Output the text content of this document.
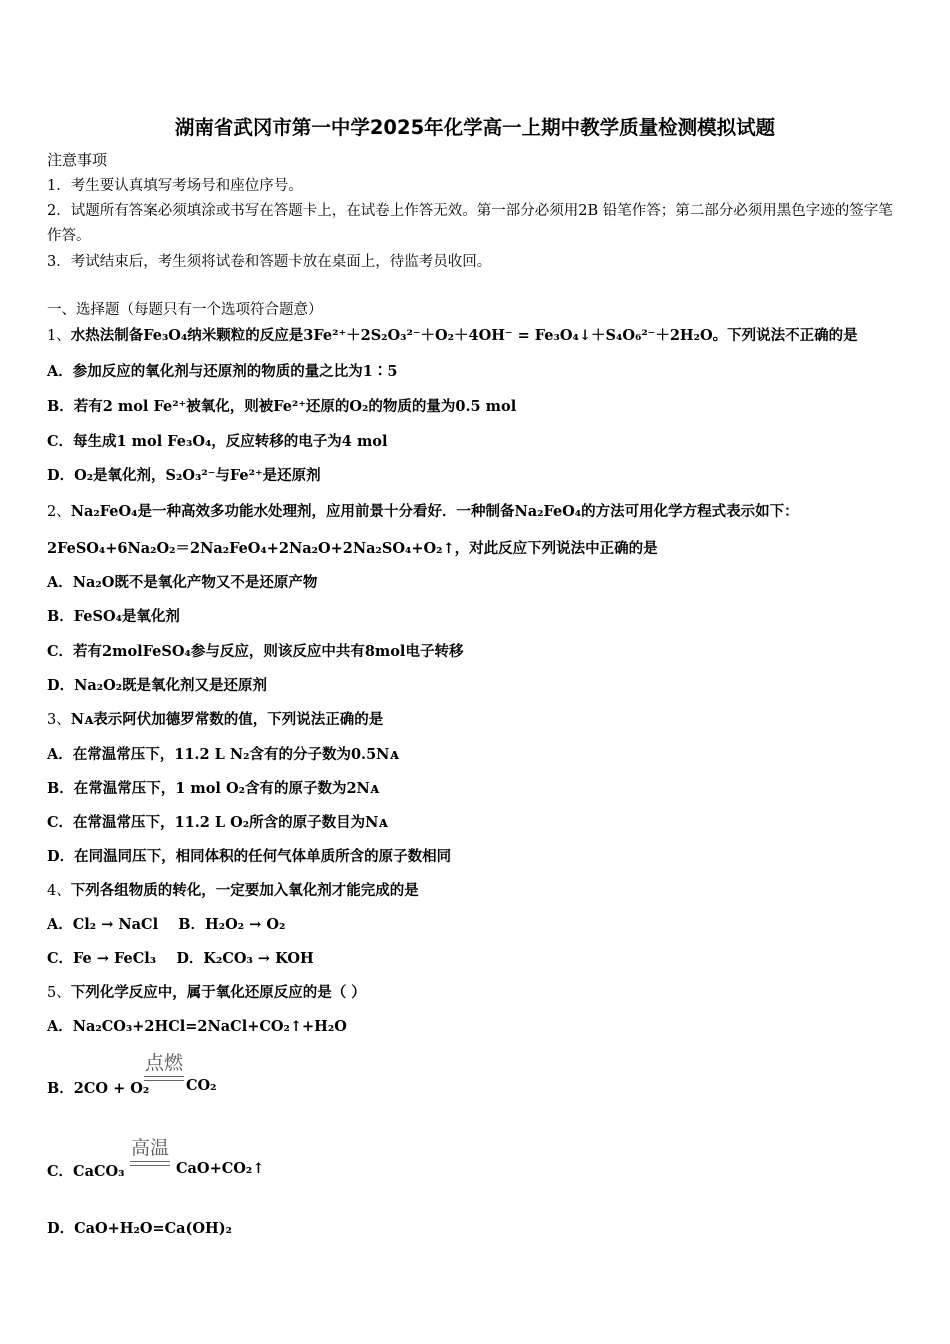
湖南省武冈市第一中学2025年化学高一上期中教学质量检测模拟试题
注意事项
1．考生要认真填写考场号和座位序号。
2．试题所有答案必须填涂或书写在答题卡上，在试卷上作答无效。第一部分必须用2B 铅笔作答；第二部分必须用黑色字迹的签字笔作答。
3．考试结束后，考生须将试卷和答题卡放在桌面上，待监考员收回。
一、选择题（每题只有一个选项符合题意）
1、水热法制备Fe₃O₄纳米颗粒的反应是3Fe²⁺＋2S₂O₃²⁻＋O₂＋4OH⁻ = Fe₃O₄↓＋S₄O₆²⁻＋2H₂O。下列说法不正确的是
A．参加反应的氧化剂与还原剂的物质的量之比为1∶5
B．若有2 mol Fe²⁺被氧化，则被Fe²⁺还原的O₂的物质的量为0.5 mol
C．每生成1 mol Fe₃O₄，反应转移的电子为4 mol
D．O₂是氧化剂，S₂O₃²⁻与Fe²⁺是还原剂
2、Na₂FeO₄是一种高效多功能水处理剂，应用前景十分看好．一种制备Na₂FeO₄的方法可用化学方程式表示如下：
2FeSO₄+6Na₂O₂＝2Na₂FeO₄+2Na₂O+2Na₂SO₄+O₂↑，对此反应下列说法中正确的是
A．Na₂O既不是氧化产物又不是还原产物
B．FeSO₄是氧化剂
C．若有2molFeSO₄参与反应，则该反应中共有8mol电子转移
D．Na₂O₂既是氧化剂又是还原剂
3、Nᴀ表示阿伏加德罗常数的值，下列说法正确的是
A．在常温常压下，11.2 L N₂含有的分子数为0.5Nᴀ
B．在常温常压下，1 mol O₂含有的原子数为2Nᴀ
C．在常温常压下，11.2 L O₂所含的原子数目为Nᴀ
D．在同温同压下，相同体积的任何气体单质所含的原子数相同
4、下列各组物质的转化，一定要加入氧化剂才能完成的是
A．Cl₂ → NaCl    B．H₂O₂ → O₂
C．Fe → FeCl₃    D．K₂CO₃ → KOH
5、下列化学反应中，属于氧化还原反应的是（ ）
A．Na₂CO₃+2HCl=2NaCl+CO₂↑+H₂O
B．2CO + O₂
点燃
CO₂
C．CaCO₃
高温
CaO+CO₂↑
D．CaO+H₂O=Ca(OH)₂
